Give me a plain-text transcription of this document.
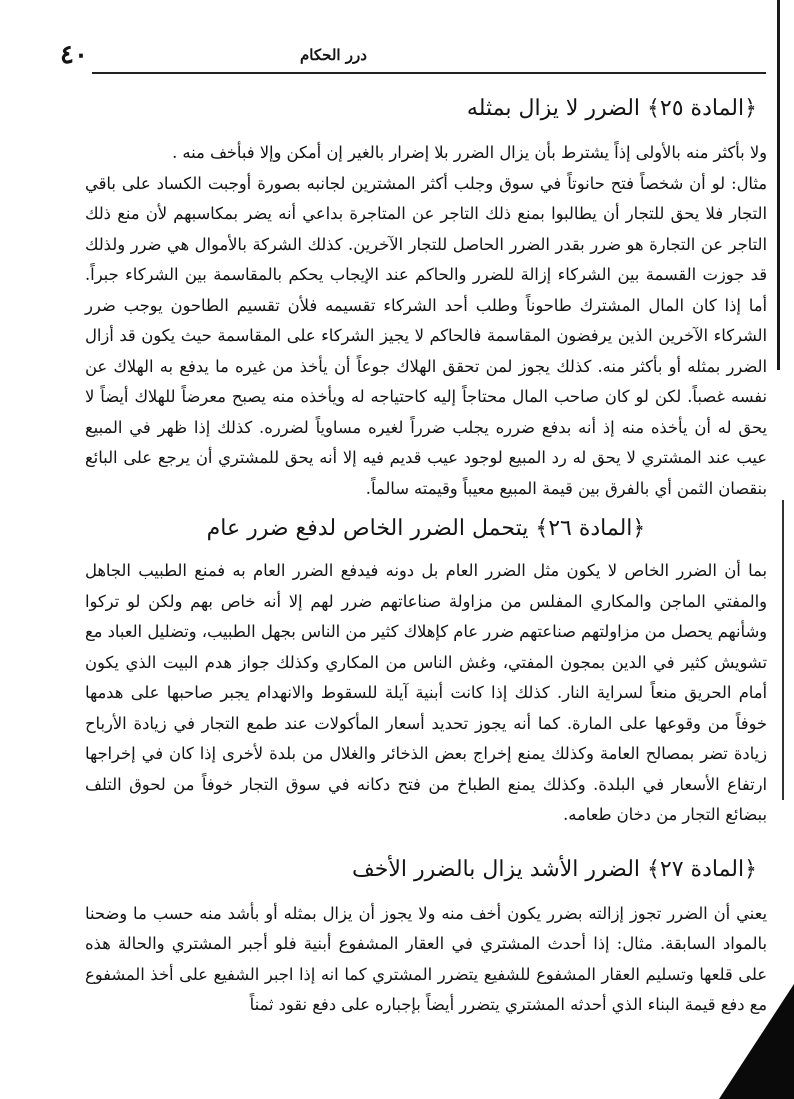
٤٠	درر الحكام
﴿المادة ٢٥﴾ الضرر لا يزال بمثله

ولا بأكثر منه بالأولى إذاً يشترط بأن يزال الضرر بلا إضرار بالغير إن أمكن وإلا فبأخف منه .

مثال: لو أن شخصاً فتح حانوتاً في سوق وجلب أكثر المشترين لجانبه بصورة أوجبت الكساد على باقي التجار فلا يحق للتجار أن يطالبوا بمنع ذلك التاجر عن المتاجرة بداعي أنه يضر بمكاسبهم لأن منع ذلك التاجر عن التجارة هو ضرر بقدر الضرر الحاصل للتجار الآخرين. كذلك الشركة بالأموال هي ضرر ولذلك قد جوزت القسمة بين الشركاء إزالة للضرر والحاكم عند الإيجاب يحكم بالمقاسمة بين الشركاء جبراً. أما إذا كان المال المشترك طاحوناً وطلب أحد الشركاء تقسيمه فلأن تقسيم الطاحون يوجب ضرر الشركاء الآخرين الذين يرفضون المقاسمة فالحاكم لا يجيز الشركاء على المقاسمة حيث يكون قد أزال الضرر بمثله أو بأكثر منه. كذلك يجوز لمن تحقق الهلاك جوعاً أن يأخذ من غيره ما يدفع به الهلاك عن نفسه غصباً. لكن لو كان صاحب المال محتاجاً إليه كاحتياجه له ويأخذه منه يصبح معرضاً للهلاك أيضاً لا يحق له أن يأخذه منه إذ أنه بدفع ضرره يجلب ضرراً لغيره مساوياً لضرره. كذلك إذا ظهر في المبيع عيب عند المشتري لا يحق له رد المبيع لوجود عيب قديم فيه إلا أنه يحق للمشتري أن يرجع على البائع بنقصان الثمن أي بالفرق بين قيمة المبيع معيباً وقيمته سالماً.

﴿المادة ٢٦﴾ يتحمل الضرر الخاص لدفع ضرر عام

بما أن الضرر الخاص لا يكون مثل الضرر العام بل دونه فيدفع الضرر العام به فمنع الطبيب الجاهل والمفتي الماجن والمكاري المفلس من مزاولة صناعاتهم ضرر لهم إلا أنه خاص بهم ولكن لو تركوا وشأنهم يحصل من مزاولتهم صناعتهم ضرر عام كإهلاك كثير من الناس بجهل الطبيب، وتضليل العباد مع تشويش كثير في الدين بمجون المفتي، وغش الناس من المكاري وكذلك جواز هدم البيت الذي يكون أمام الحريق منعاً لسراية النار. كذلك إذا كانت أبنية آيلة للسقوط والانهدام يجبر صاحبها على هدمها خوفاً من وقوعها على المارة. كما أنه يجوز تحديد أسعار المأكولات عند طمع التجار في زيادة الأرباح زيادة تضر بمصالح العامة وكذلك يمنع إخراج بعض الذخائر والغلال من بلدة لأخرى إذا كان في إخراجها ارتفاع الأسعار في البلدة. وكذلك يمنع الطباخ من فتح دكانه في سوق التجار خوفاً من لحوق التلف ببضائع التجار من دخان طعامه.

﴿المادة ٢٧﴾ الضرر الأشد يزال بالضرر الأخف

يعني أن الضرر تجوز إزالته بضرر يكون أخف منه ولا يجوز أن يزال بمثله أو بأشد منه حسب ما وضحنا بالمواد السابقة. مثال: إذا أحدث المشتري في العقار المشفوع أبنية فلو أجبر المشتري والحالة هذه على قلعها وتسليم العقار المشفوع للشفيع يتضرر المشتري كما انه إذا اجبر الشفيع على أخذ المشفوع مع دفع قيمة البناء الذي أحدثه المشتري يتضرر أيضاً بإجباره على دفع نقود ثمناً
